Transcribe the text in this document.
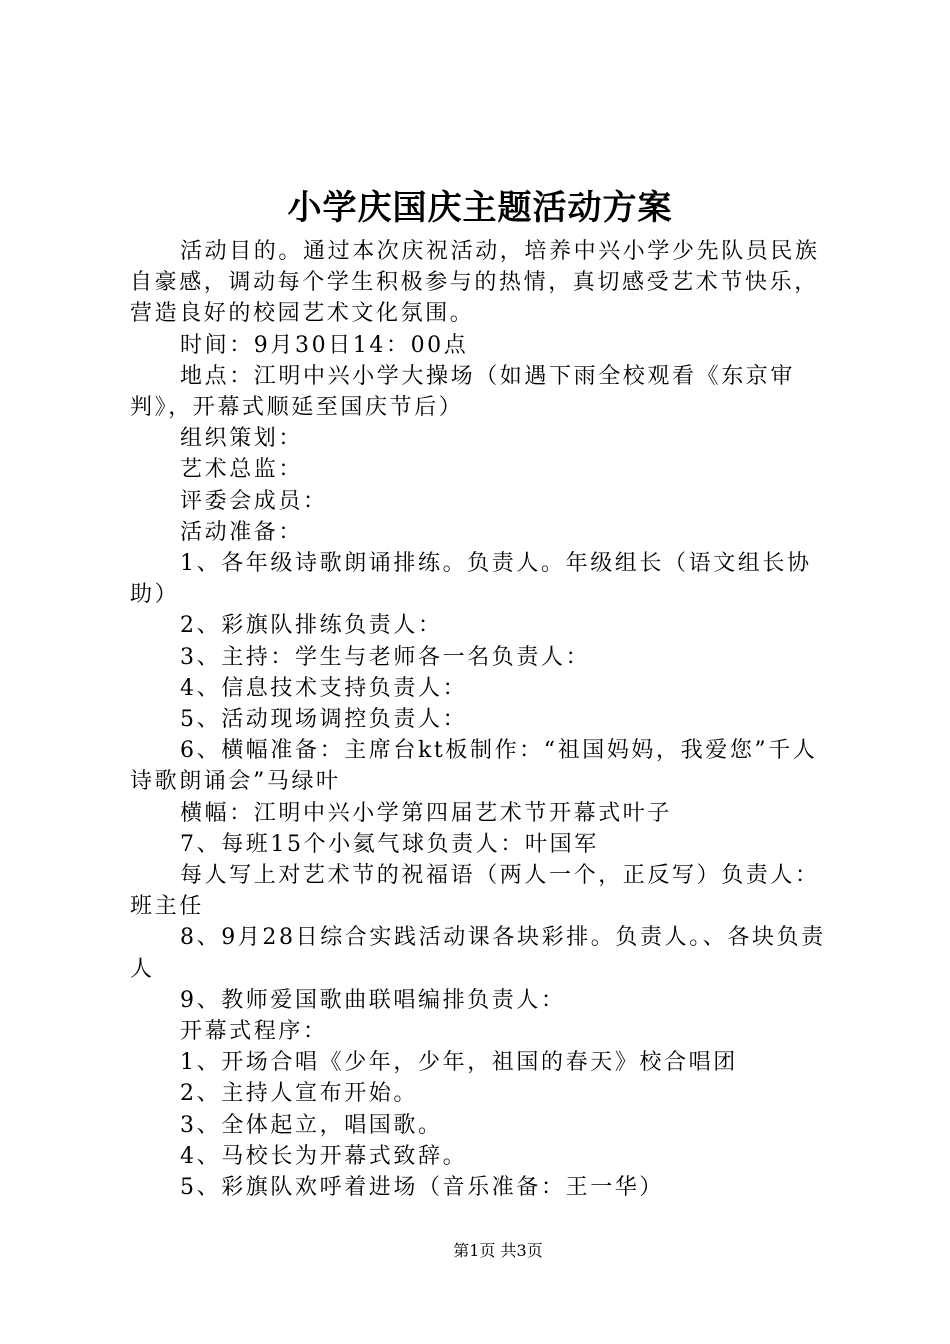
小学庆国庆主题活动方案

活动目的。通过本次庆祝活动，培养中兴小学少先队员民族自豪感，调动每个学生积极参与的热情，真切感受艺术节快乐，营造良好的校园艺术文化氛围。

时间：9月30日14：00点

地点：江明中兴小学大操场（如遇下雨全校观看《东京审判》，开幕式顺延至国庆节后）

组织策划：

艺术总监：

评委会成员：

活动准备：

1、各年级诗歌朗诵排练。负责人。年级组长（语文组长协助）

2、彩旗队排练负责人：

3、主持：学生与老师各一名负责人：

4、信息技术支持负责人：

5、活动现场调控负责人：

6、横幅准备：主席台kt板制作：“祖国妈妈，我爱您”千人诗歌朗诵会”马绿叶

横幅：江明中兴小学第四届艺术节开幕式叶子

7、每班15个小氦气球负责人：叶国军

每人写上对艺术节的祝福语（两人一个，正反写）负责人：班主任

8、9月28日综合实践活动课各块彩排。负责人。、各块负责人

9、教师爱国歌曲联唱编排负责人：

开幕式程序：

1、开场合唱《少年，少年，祖国的春天》校合唱团

2、主持人宣布开始。

3、全体起立，唱国歌。

4、马校长为开幕式致辞。

5、彩旗队欢呼着进场（音乐准备：王一华）

第1页 共3页
